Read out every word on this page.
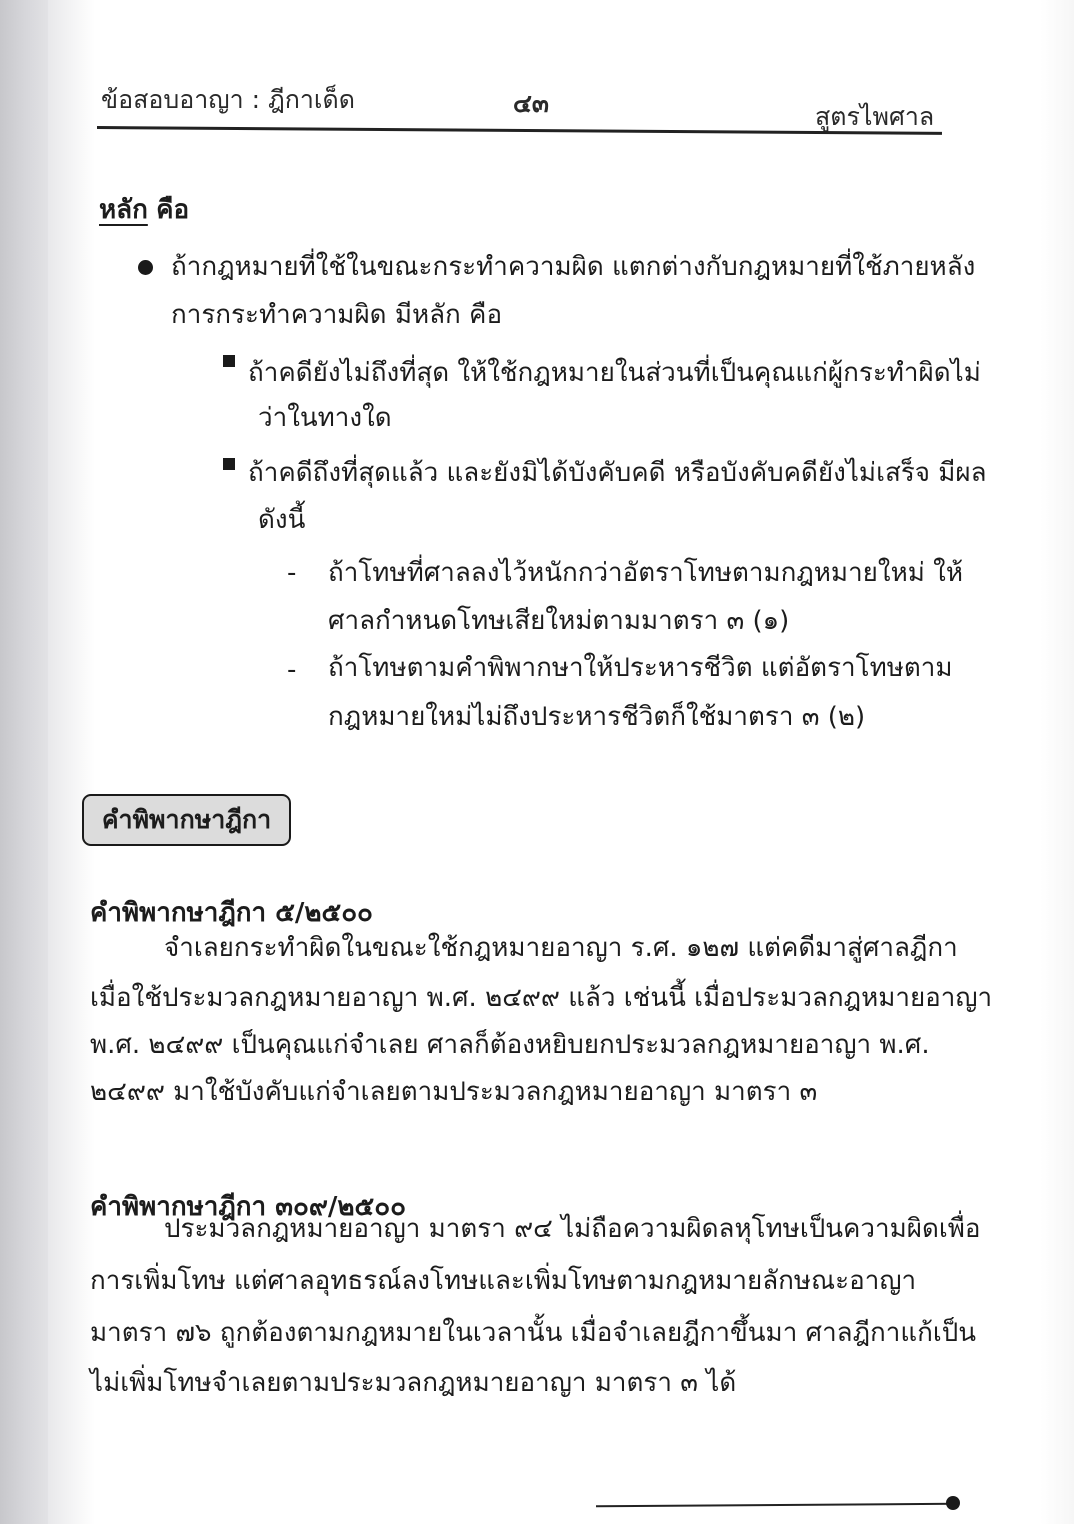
ข้อสอบอาญา : ฎีกาเด็ด	๔๓	สูตรไพศาล
หลัก คือ
ถ้ากฎหมายที่ใช้ในขณะกระทำความผิด แตกต่างกับกฎหมายที่ใช้ภายหลัง
การกระทำความผิด มีหลัก คือ
ถ้าคดียังไม่ถึงที่สุด ให้ใช้กฎหมายในส่วนที่เป็นคุณแก่ผู้กระทำผิดไม่
ว่าในทางใด
ถ้าคดีถึงที่สุดแล้ว และยังมิได้บังคับคดี หรือบังคับคดียังไม่เสร็จ มีผล
ดังนี้
- ถ้าโทษที่ศาลลงไว้หนักกว่าอัตราโทษตามกฎหมายใหม่ ให้
ศาลกำหนดโทษเสียใหม่ตามมาตรา ๓ (๑)
- ถ้าโทษตามคำพิพากษาให้ประหารชีวิต แต่อัตราโทษตาม
กฎหมายใหม่ไม่ถึงประหารชีวิตก็ใช้มาตรา ๓ (๒)
คำพิพากษาฎีกา
คำพิพากษาฎีกา ๕/๒๕๐๐
จำเลยกระทำผิดในขณะใช้กฎหมายอาญา ร.ศ. ๑๒๗ แต่คดีมาสู่ศาลฎีกา
เมื่อใช้ประมวลกฎหมายอาญา พ.ศ. ๒๔๙๙ แล้ว เช่นนี้ เมื่อประมวลกฎหมายอาญา
พ.ศ. ๒๔๙๙ เป็นคุณแก่จำเลย ศาลก็ต้องหยิบยกประมวลกฎหมายอาญา พ.ศ.
๒๔๙๙ มาใช้บังคับแก่จำเลยตามประมวลกฎหมายอาญา มาตรา ๓
คำพิพากษาฎีกา ๓๐๙/๒๕๐๐
ประมวลกฎหมายอาญา มาตรา ๙๔ ไม่ถือความผิดลหุโทษเป็นความผิดเพื่อ
การเพิ่มโทษ แต่ศาลอุทธรณ์ลงโทษและเพิ่มโทษตามกฎหมายลักษณะอาญา
มาตรา ๗๖ ถูกต้องตามกฎหมายในเวลานั้น เมื่อจำเลยฎีกาขึ้นมา ศาลฎีกาแก้เป็น
ไม่เพิ่มโทษจำเลยตามประมวลกฎหมายอาญา มาตรา ๓ ได้
